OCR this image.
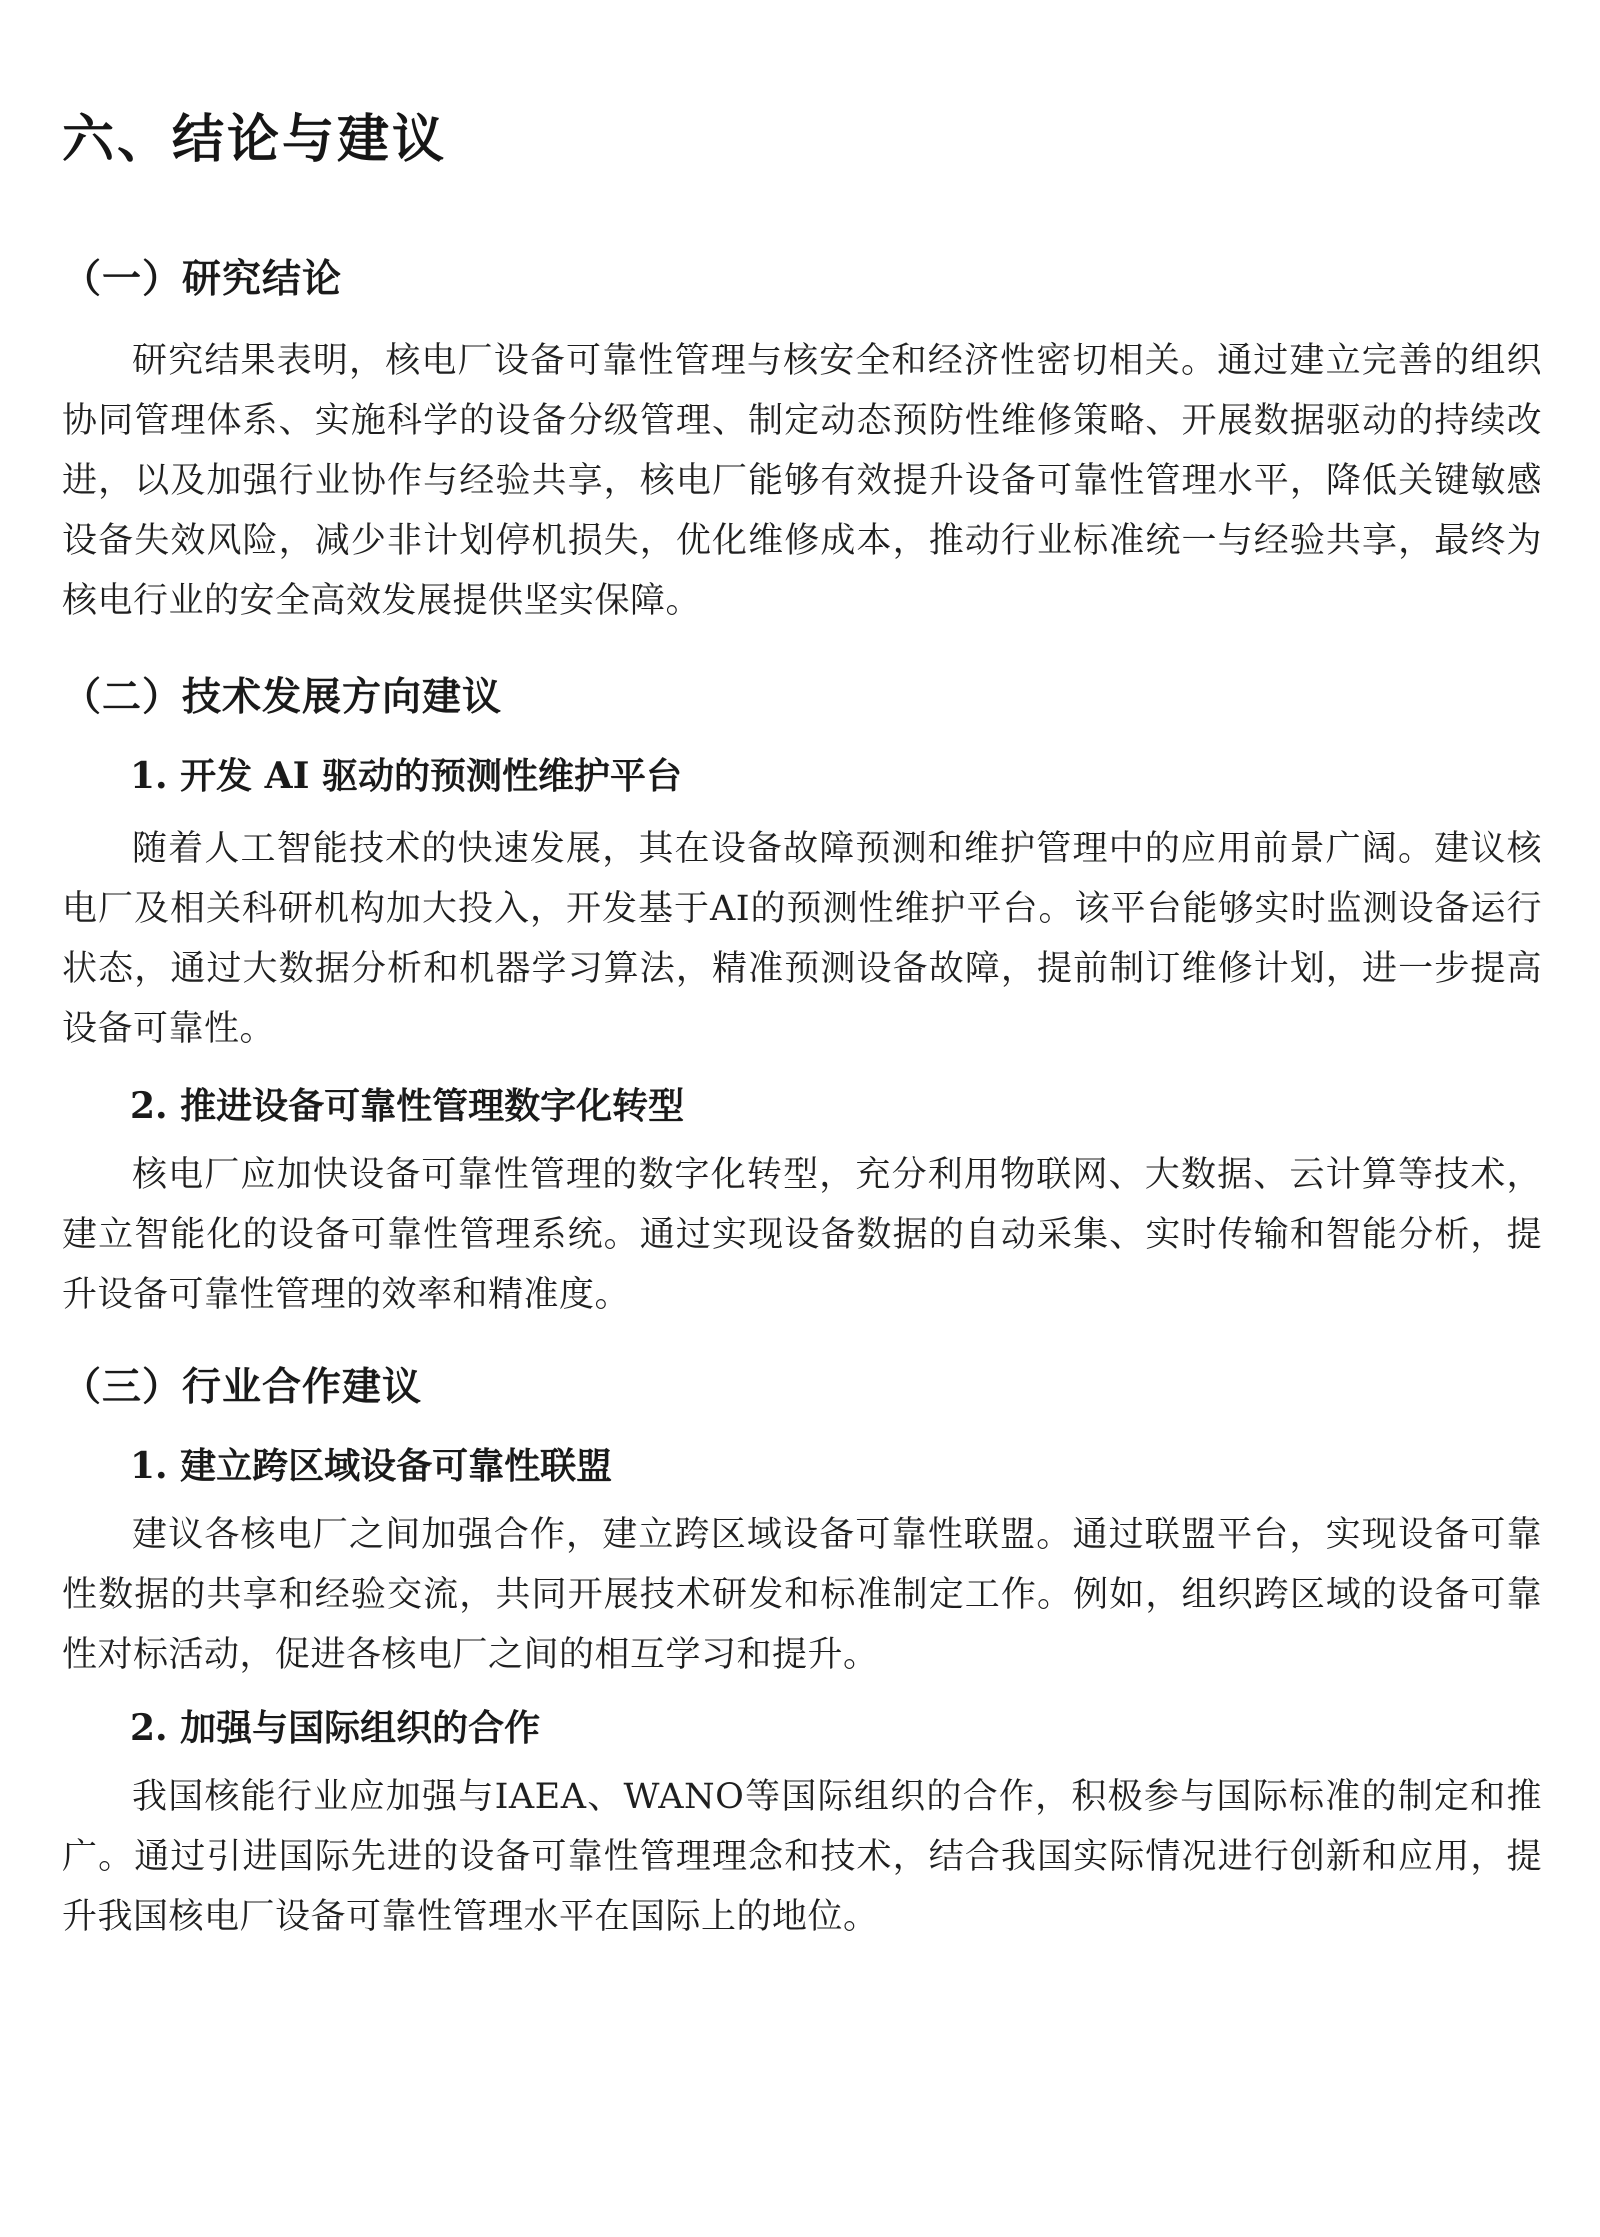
六、结论与建议
（一）研究结论

研究结果表明，核电厂设备可靠性管理与核安全和经济性密切相关。通过建立完善的组织协同管理体系、实施科学的设备分级管理、制定动态预防性维修策略、开展数据驱动的持续改进，以及加强行业协作与经验共享，核电厂能够有效提升设备可靠性管理水平，降低关键敏感设备失效风险，减少非计划停机损失，优化维修成本，推动行业标准统一与经验共享，最终为核电行业的安全高效发展提供坚实保障。

（二）技术发展方向建议
1. 开发 AI 驱动的预测性维护平台

随着人工智能技术的快速发展，其在设备故障预测和维护管理中的应用前景广阔。建议核电厂及相关科研机构加大投入，开发基于AI的预测性维护平台。该平台能够实时监测设备运行状态，通过大数据分析和机器学习算法，精准预测设备故障，提前制订维修计划，进一步提高设备可靠性。

2. 推进设备可靠性管理数字化转型

核电厂应加快设备可靠性管理的数字化转型，充分利用物联网、大数据、云计算等技术，建立智能化的设备可靠性管理系统。通过实现设备数据的自动采集、实时传输和智能分析，提升设备可靠性管理的效率和精准度。

（三）行业合作建议
1. 建立跨区域设备可靠性联盟

建议各核电厂之间加强合作，建立跨区域设备可靠性联盟。通过联盟平台，实现设备可靠性数据的共享和经验交流，共同开展技术研发和标准制定工作。例如，组织跨区域的设备可靠性对标活动，促进各核电厂之间的相互学习和提升。

2. 加强与国际组织的合作

我国核能行业应加强与IAEA、WANO等国际组织的合作，积极参与国际标准的制定和推广。通过引进国际先进的设备可靠性管理理念和技术，结合我国实际情况进行创新和应用，提升我国核电厂设备可靠性管理水平在国际上的地位。
